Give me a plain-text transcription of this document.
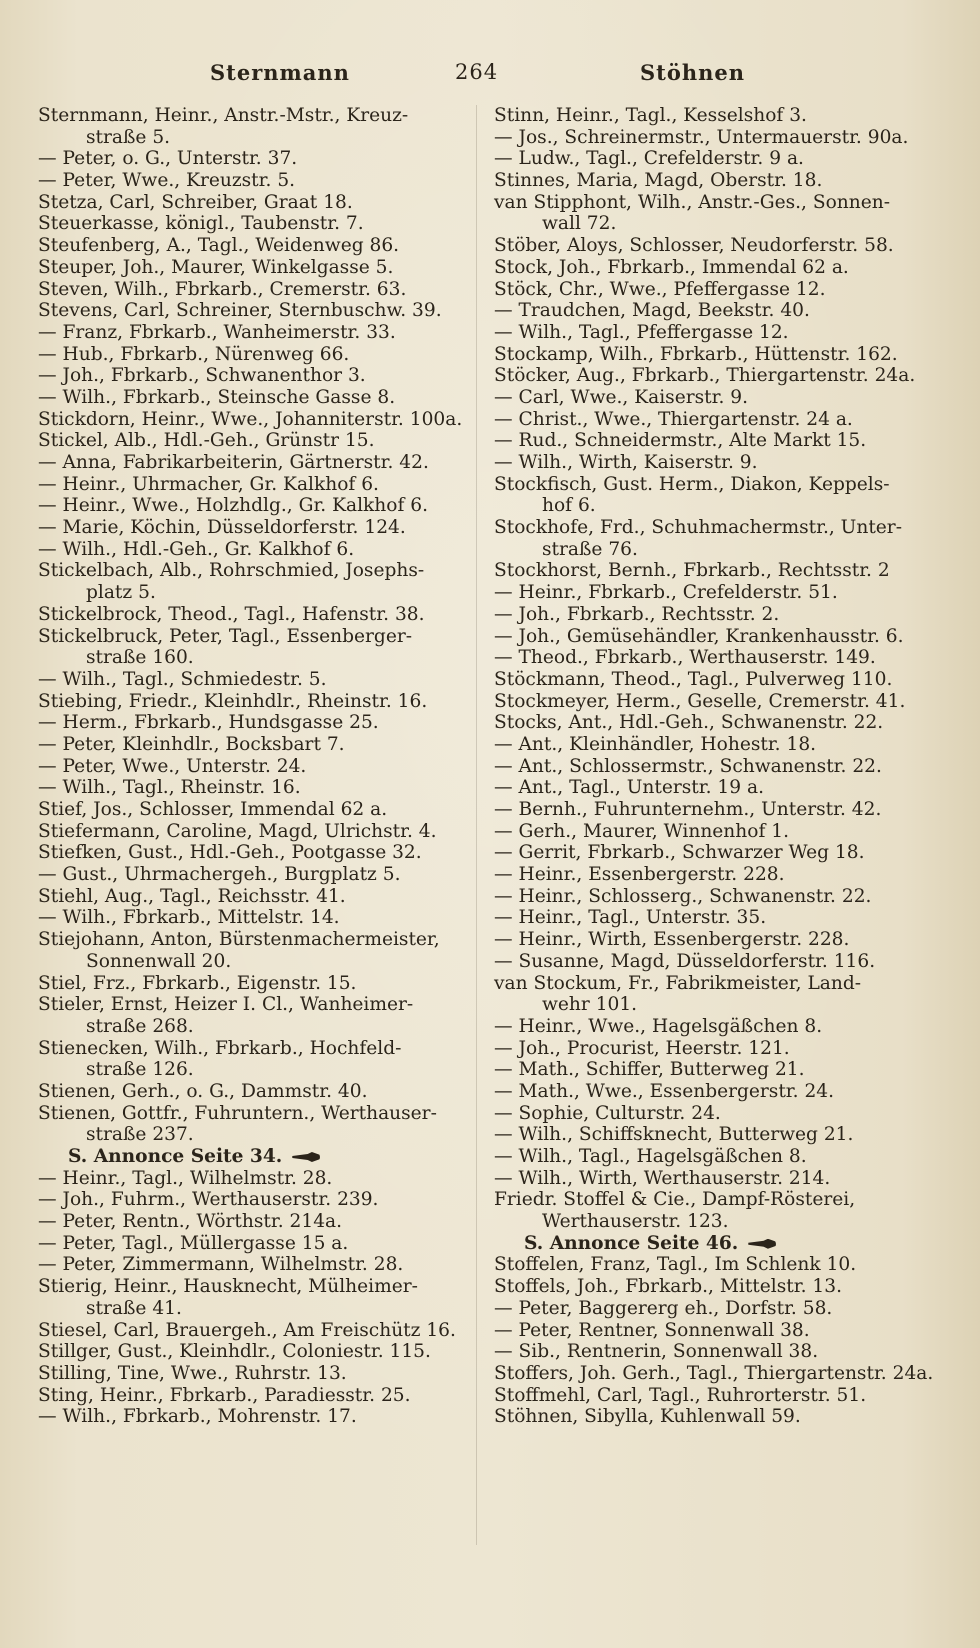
Sternmann	264	Stöhnen
Sternmann, Heinr., Anstr.-Mstr., Kreuz-
straße 5.
— Peter, o. G., Unterstr. 37.
— Peter, Wwe., Kreuzstr. 5.
Stetza, Carl, Schreiber, Graat 18.
Steuerkasse, königl., Taubenstr. 7.
Steufenberg, A., Tagl., Weidenweg 86.
Steuper, Joh., Maurer, Winkelgasse 5.
Steven, Wilh., Fbrkarb., Cremerstr. 63.
Stevens, Carl, Schreiner, Sternbuschw. 39.
— Franz, Fbrkarb., Wanheimerstr. 33.
— Hub., Fbrkarb., Nürenweg 66.
— Joh., Fbrkarb., Schwanenthor 3.
— Wilh., Fbrkarb., Steinsche Gasse 8.
Stickdorn, Heinr., Wwe., Johanniterstr. 100a.
Stickel, Alb., Hdl.-Geh., Grünstr 15.
— Anna, Fabrikarbeiterin, Gärtnerstr. 42.
— Heinr., Uhrmacher, Gr. Kalkhof 6.
— Heinr., Wwe., Holzhdlg., Gr. Kalkhof 6.
— Marie, Köchin, Düsseldorferstr. 124.
— Wilh., Hdl.-Geh., Gr. Kalkhof 6.
Stickelbach, Alb., Rohrschmied, Josephs-
platz 5.
Stickelbrock, Theod., Tagl., Hafenstr. 38.
Stickelbruck, Peter, Tagl., Essenberger-
straße 160.
— Wilh., Tagl., Schmiedestr. 5.
Stiebing, Friedr., Kleinhdlr., Rheinstr. 16.
— Herm., Fbrkarb., Hundsgasse 25.
— Peter, Kleinhdlr., Bocksbart 7.
— Peter, Wwe., Unterstr. 24.
— Wilh., Tagl., Rheinstr. 16.
Stief, Jos., Schlosser, Immendal 62 a.
Stiefermann, Caroline, Magd, Ulrichstr. 4.
Stiefken, Gust., Hdl.-Geh., Pootgasse 32.
— Gust., Uhrmachergeh., Burgplatz 5.
Stiehl, Aug., Tagl., Reichsstr. 41.
— Wilh., Fbrkarb., Mittelstr. 14.
Stiejohann, Anton, Bürstenmachermeister,
Sonnenwall 20.
Stiel, Frz., Fbrkarb., Eigenstr. 15.
Stieler, Ernst, Heizer I. Cl., Wanheimer-
straße 268.
Stienecken, Wilh., Fbrkarb., Hochfeld-
straße 126.
Stienen, Gerh., o. G., Dammstr. 40.
Stienen, Gottfr., Fuhruntern., Werthauser-
straße 237.
S. Annonce Seite 34.
— Heinr., Tagl., Wilhelmstr. 28.
— Joh., Fuhrm., Werthauserstr. 239.
— Peter, Rentn., Wörthstr. 214a.
— Peter, Tagl., Müllergasse 15 a.
— Peter, Zimmermann, Wilhelmstr. 28.
Stierig, Heinr., Hausknecht, Mülheimer-
straße 41.
Stiesel, Carl, Brauergeh., Am Freischütz 16.
Stillger, Gust., Kleinhdlr., Coloniestr. 115.
Stilling, Tine, Wwe., Ruhrstr. 13.
Sting, Heinr., Fbrkarb., Paradiesstr. 25.
— Wilh., Fbrkarb., Mohrenstr. 17.
Stinn, Heinr., Tagl., Kesselshof 3.
— Jos., Schreinermstr., Untermauerstr. 90a.
— Ludw., Tagl., Crefelderstr. 9 a.
Stinnes, Maria, Magd, Oberstr. 18.
van Stipphont, Wilh., Anstr.-Ges., Sonnen-
wall 72.
Stöber, Aloys, Schlosser, Neudorferstr. 58.
Stock, Joh., Fbrkarb., Immendal 62 a.
Stöck, Chr., Wwe., Pfeffergasse 12.
— Traudchen, Magd, Beekstr. 40.
— Wilh., Tagl., Pfeffergasse 12.
Stockamp, Wilh., Fbrkarb., Hüttenstr. 162.
Stöcker, Aug., Fbrkarb., Thiergartenstr. 24a.
— Carl, Wwe., Kaiserstr. 9.
— Christ., Wwe., Thiergartenstr. 24 a.
— Rud., Schneidermstr., Alte Markt 15.
— Wilh., Wirth, Kaiserstr. 9.
Stockfisch, Gust. Herm., Diakon, Keppels-
hof 6.
Stockhofe, Frd., Schuhmachermstr., Unter-
straße 76.
Stockhorst, Bernh., Fbrkarb., Rechtsstr. 2
— Heinr., Fbrkarb., Crefelderstr. 51.
— Joh., Fbrkarb., Rechtsstr. 2.
— Joh., Gemüsehändler, Krankenhausstr. 6.
— Theod., Fbrkarb., Werthauserstr. 149.
Stöckmann, Theod., Tagl., Pulverweg 110.
Stockmeyer, Herm., Geselle, Cremerstr. 41.
Stocks, Ant., Hdl.-Geh., Schwanenstr. 22.
— Ant., Kleinhändler, Hohestr. 18.
— Ant., Schlossermstr., Schwanenstr. 22.
— Ant., Tagl., Unterstr. 19 a.
— Bernh., Fuhrunternehm., Unterstr. 42.
— Gerh., Maurer, Winnenhof 1.
— Gerrit, Fbrkarb., Schwarzer Weg 18.
— Heinr., Essenbergerstr. 228.
— Heinr., Schlosserg., Schwanenstr. 22.
— Heinr., Tagl., Unterstr. 35.
— Heinr., Wirth, Essenbergerstr. 228.
— Susanne, Magd, Düsseldorferstr. 116.
van Stockum, Fr., Fabrikmeister, Land-
wehr 101.
— Heinr., Wwe., Hagelsgäßchen 8.
— Joh., Procurist, Heerstr. 121.
— Math., Schiffer, Butterweg 21.
— Math., Wwe., Essenbergerstr. 24.
— Sophie, Culturstr. 24.
— Wilh., Schiffsknecht, Butterweg 21.
— Wilh., Tagl., Hagelsgäßchen 8.
— Wilh., Wirth, Werthauserstr. 214.
Friedr. Stoffel & Cie., Dampf-Rösterei,
Werthauserstr. 123.
S. Annonce Seite 46.
Stoffelen, Franz, Tagl., Im Schlenk 10.
Stoffels, Joh., Fbrkarb., Mittelstr. 13.
— Peter, Baggererg eh., Dorfstr. 58.
— Peter, Rentner, Sonnenwall 38.
— Sib., Rentnerin, Sonnenwall 38.
Stoffers, Joh. Gerh., Tagl., Thiergartenstr. 24a.
Stoffmehl, Carl, Tagl., Ruhrorterstr. 51.
Stöhnen, Sibylla, Kuhlenwall 59.
